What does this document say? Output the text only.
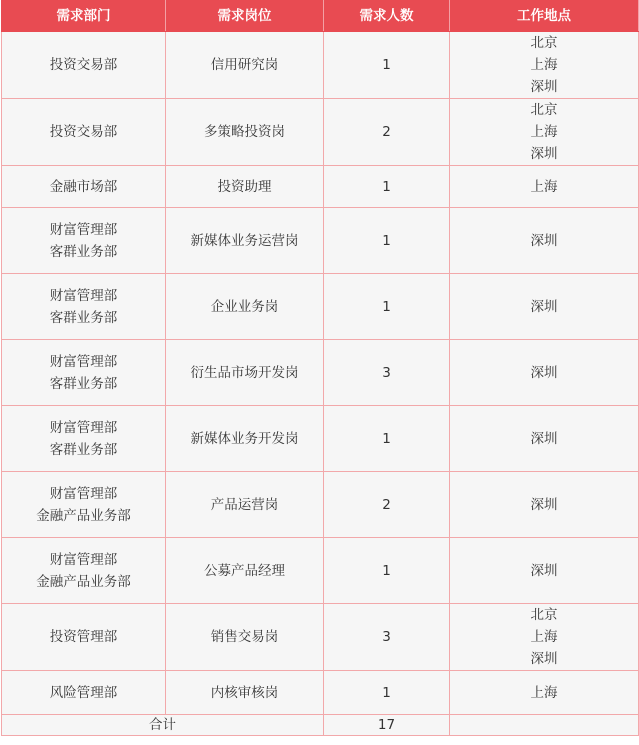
需求部门	需求岗位	需求人数	工作地点

投资交易部	信用研究岗	1	北京
上海
深圳

投资交易部	多策略投资岗	2	北京
上海
深圳

金融市场部	投资助理	1	上海

财富管理部
客群业务部	新媒体业务运营岗	1	深圳

财富管理部
客群业务部	企业业务岗	1	深圳

财富管理部
客群业务部	衍生品市场开发岗	3	深圳

财富管理部
客群业务部	新媒体业务开发岗	1	深圳

财富管理部
金融产品业务部	产品运营岗	2	深圳

财富管理部
金融产品业务部	公募产品经理	1	深圳

投资管理部	销售交易岗	3	北京
上海
深圳

风险管理部	内核审核岗	1	上海

合计		17	
